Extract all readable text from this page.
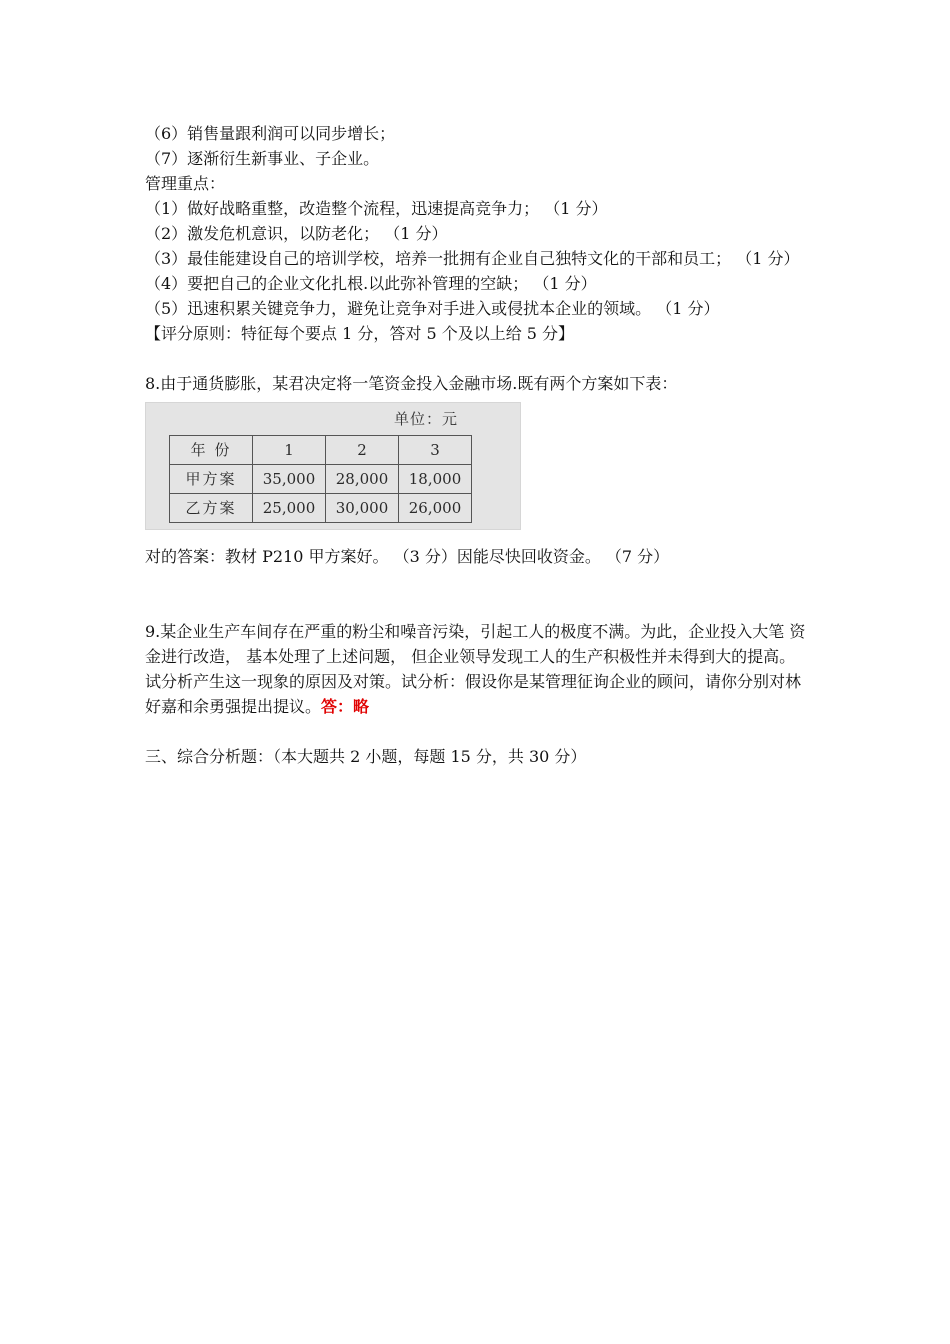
（6）销售量跟利润可以同步增长；
（7）逐渐衍生新事业、子企业。
管理重点：
（1）做好战略重整，改造整个流程，迅速提高竞争力； （1 分）
（2）激发危机意识，以防老化； （1 分）
（3）最佳能建设自己的培训学校，培养一批拥有企业自己独特文化的干部和员工； （1 分）
（4）要把自己的企业文化扎根.以此弥补管理的空缺； （1 分）
（5）迅速积累关键竞争力，避免让竞争对手进入或侵扰本企业的领域。 （1 分）
【评分原则：特征每个要点 1 分，答对 5 个及以上给 5 分】
8.由于通货膨胀，某君决定将一笔资金投入金融市场.既有两个方案如下表：
单位：元
年 份	1	2	3
甲方案	35,000	28,000	18,000
乙方案	25,000	30,000	26,000
对的答案：教材 P210 甲方案好。 （3 分）因能尽快回收资金。 （7 分）
9.某企业生产车间存在严重的粉尘和噪音污染，引起工人的极度不满。为此，企业投入大笔 资金进行改造， 基本处理了上述问题， 但企业领导发现工人的生产积极性并未得到大的提高。 试分析产生这一现象的原因及对策。试分析：假设你是某管理征询企业的顾问，请你分别对林好嘉和余勇强提出提议。答：略
三、综合分析题：（本大题共 2 小题，每题 15 分，共 30 分）
